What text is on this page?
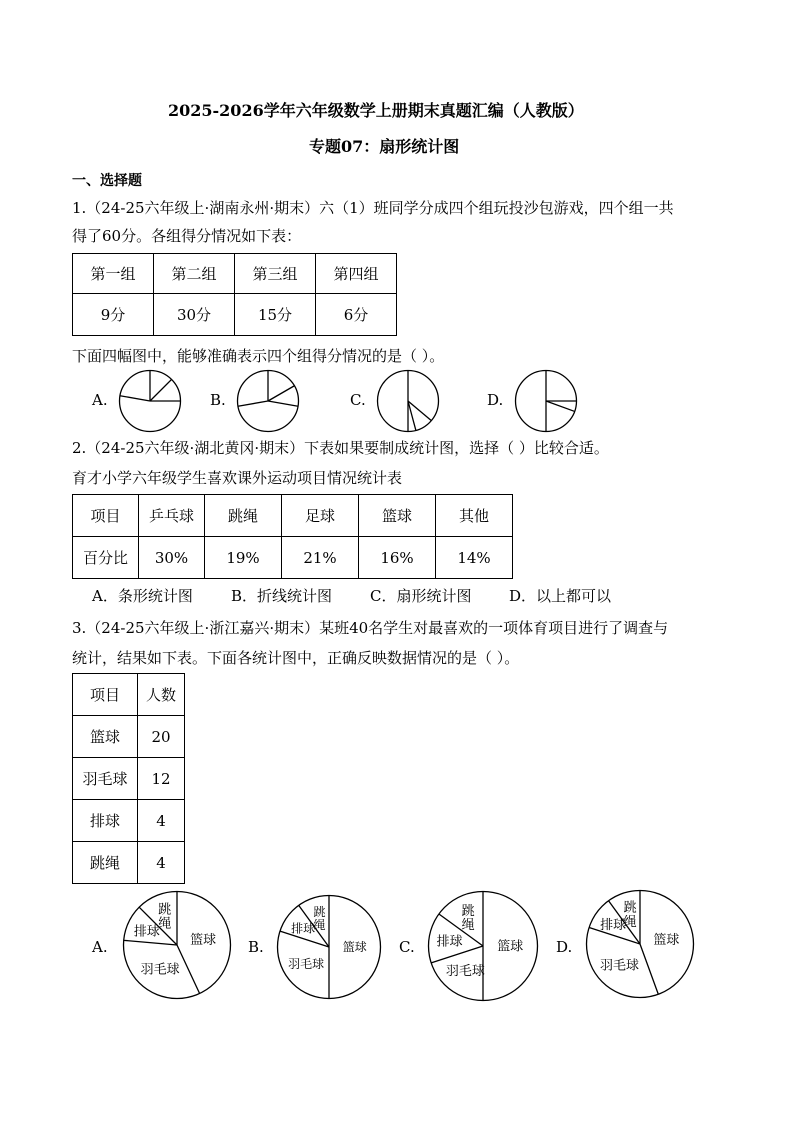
2025-2026学年六年级数学上册期末真题汇编（人教版）
专题07：扇形统计图
一、选择题
1.（24-25六年级上·湖南永州·期末）六（1）班同学分成四个组玩投沙包游戏，四个组一共
得了60分。各组得分情况如下表：
第一组	第二组	第三组	第四组
9分	30分	15分	6分
下面四幅图中，能够准确表示四个组得分情况的是（ ）。
A.	B.	C.	D.
2.（24-25六年级·湖北黄冈·期末）下表如果要制成统计图，选择（ ）比较合适。
育才小学六年级学生喜欢课外运动项目情况统计表
项目	乒乓球	跳绳	足球	篮球	其他
百分比	30%	19%	21%	16%	14%
A．条形统计图	B．折线统计图	C．扇形统计图	D．以上都可以
3.（24-25六年级上·浙江嘉兴·期末）某班40名学生对最喜欢的一项体育项目进行了调查与
统计，结果如下表。下面各统计图中，正确反映数据情况的是（ ）。
项目	人数
篮球	20
羽毛球	12
排球	4
跳绳	4
A.	篮球
羽毛球
排球
跳
绳
B.	篮球
羽毛球
排球
跳
绳
C.	篮球
羽毛球
排球
跳
绳
D.	篮球
羽毛球
排球
跳
绳
